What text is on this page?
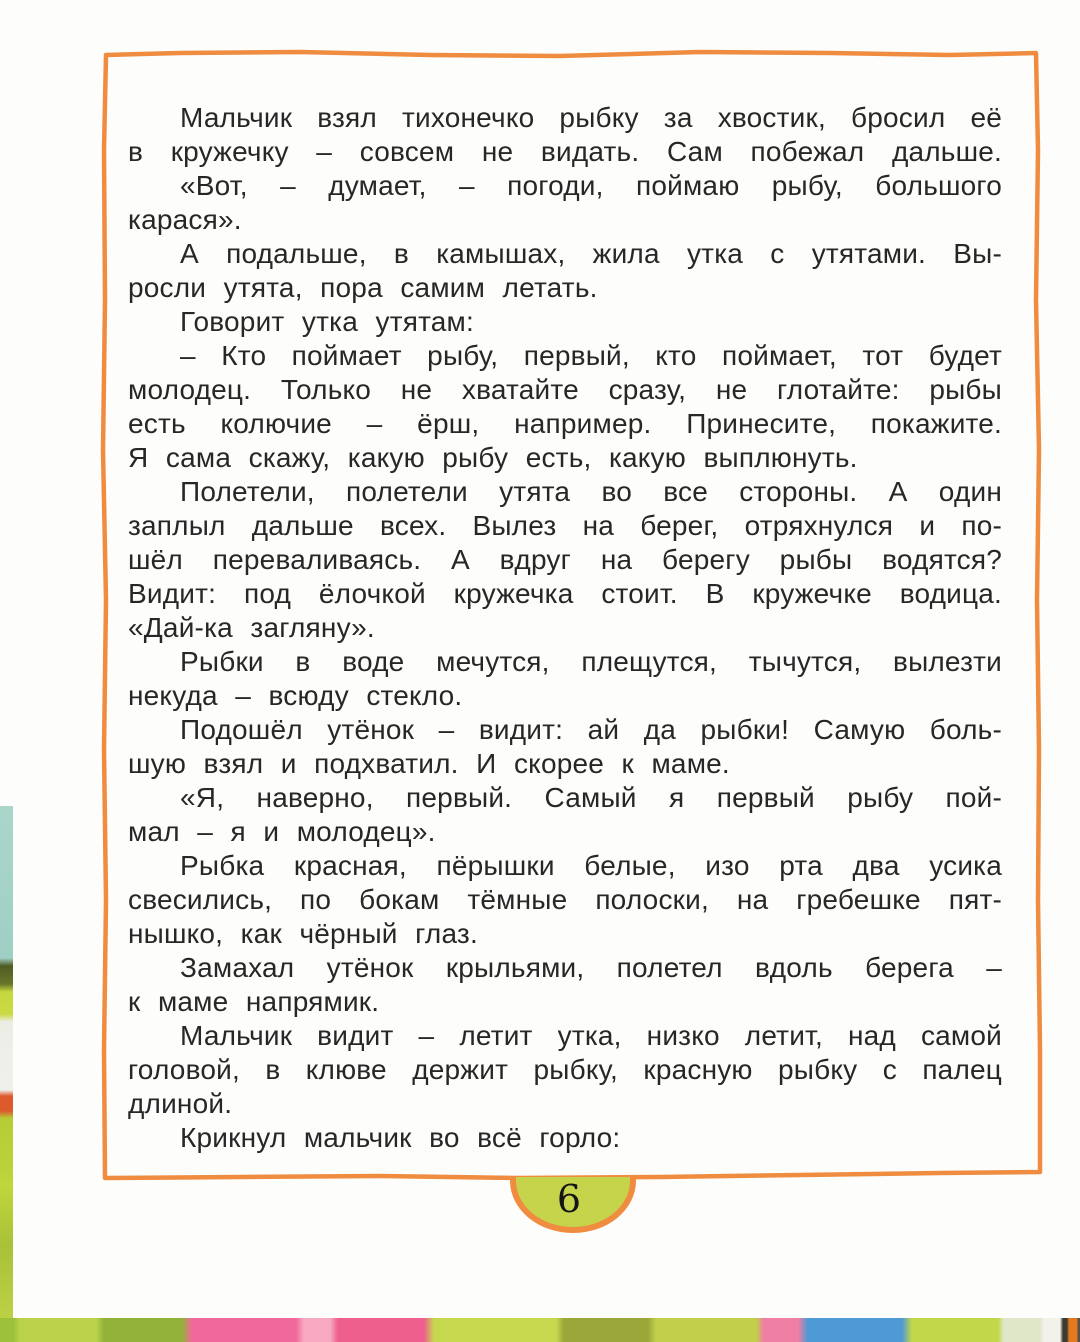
Мальчик взял тихонечко рыбку за хвостик, бросил её
в кружечку – совсем не видать. Сам побежал дальше.
«Вот, – думает, – погоди, поймаю рыбу, большого
карася».
А подальше, в камышах, жила утка с утятами. Вы-
росли утята, пора самим летать.
Говорит утка утятам:
– Кто поймает рыбу, первый, кто поймает, тот будет
молодец. Только не хватайте сразу, не глотайте: рыбы
есть колючие – ёрш, например. Принесите, покажите.
Я сама скажу, какую рыбу есть, какую выплюнуть.
Полетели, полетели утята во все стороны. А один
заплыл дальше всех. Вылез на берег, отряхнулся и по-
шёл переваливаясь. А вдруг на берегу рыбы водятся?
Видит: под ёлочкой кружечка стоит. В кружечке водица.
«Дай-ка загляну».
Рыбки в воде мечутся, плещутся, тычутся, вылезти
некуда – всюду стекло.
Подошёл утёнок – видит: ай да рыбки! Самую боль-
шую взял и подхватил. И скорее к маме.
«Я, наверно, первый. Самый я первый рыбу пой-
мал – я и молодец».
Рыбка красная, пёрышки белые, изо рта два усика
свесились, по бокам тёмные полоски, на гребешке пят-
нышко, как чёрный глаз.
Замахал утёнок крыльями, полетел вдоль берега –
к маме напрямик.
Мальчик видит – летит утка, низко летит, над самой
головой, в клюве держит рыбку, красную рыбку с палец
длиной.
Крикнул мальчик во всё горло:
6
